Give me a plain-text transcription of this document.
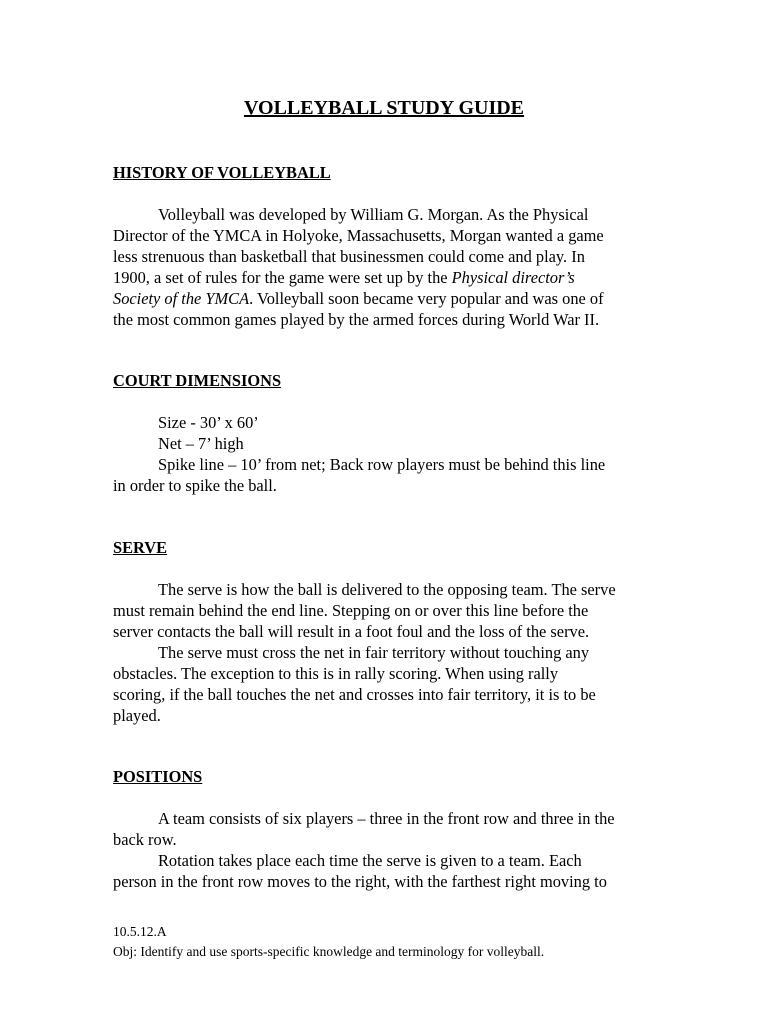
VOLLEYBALL STUDY GUIDE
HISTORY OF VOLLEYBALL
Volleyball was developed by William G. Morgan. As the Physical
Director of the YMCA in Holyoke, Massachusetts, Morgan wanted a game
less strenuous than basketball that businessmen could come and play. In
1900, a set of rules for the game were set up by the Physical director’s
Society of the YMCA. Volleyball soon became very popular and was one of
the most common games played by the armed forces during World War II.
COURT DIMENSIONS
Size - 30’ x 60’
Net – 7’ high
Spike line – 10’ from net; Back row players must be behind this line
in order to spike the ball.
SERVE
The serve is how the ball is delivered to the opposing team. The serve
must remain behind the end line. Stepping on or over this line before the
server contacts the ball will result in a foot foul and the loss of the serve.
The serve must cross the net in fair territory without touching any
obstacles. The exception to this is in rally scoring. When using rally
scoring, if the ball touches the net and crosses into fair territory, it is to be
played.
POSITIONS
A team consists of six players – three in the front row and three in the
back row.
Rotation takes place each time the serve is given to a team. Each
person in the front row moves to the right, with the farthest right moving to
10.5.12.A
Obj: Identify and use sports-specific knowledge and terminology for volleyball.
